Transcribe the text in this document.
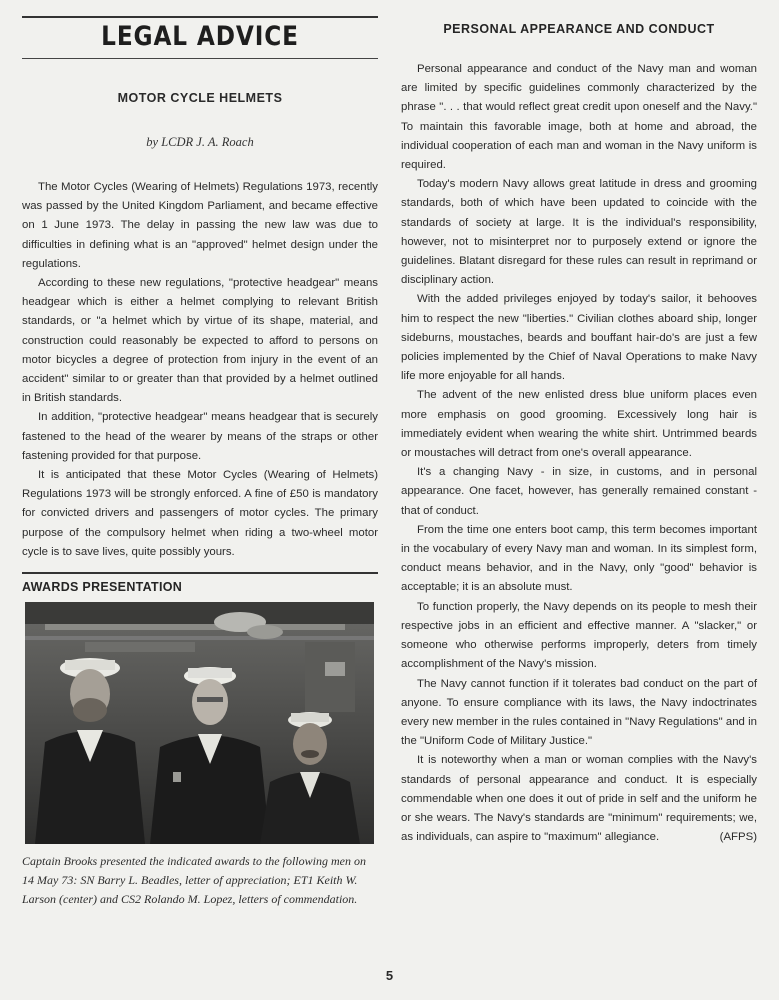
LEGAL ADVICE
MOTOR CYCLE HELMETS
by LCDR J. A. Roach

The Motor Cycles (Wearing of Helmets) Regulations 1973, recently was passed by the United Kingdom Parliament, and became effective on 1 June 1973. The delay in passing the new law was due to difficulties in defining what is an "approved" helmet design under the regulations.

According to these new regulations, "protective headgear" means headgear which is either a helmet complying to relevant British standards, or "a helmet which by virtue of its shape, material, and construction could reasonably be expected to afford to persons on motor bicycles a degree of protection from injury in the event of an accident" similar to or greater than that provided by a helmet outlined in British standards.

In addition, "protective headgear" means headgear that is securely fastened to the head of the wearer by means of the straps or other fastening provided for that purpose.

It is anticipated that these Motor Cycles (Wearing of Helmets) Regulations 1973 will be strongly enforced. A fine of £50 is mandatory for convicted drivers and passengers of motor cycles. The primary purpose of the compulsory helmet when riding a two-wheel motor cycle is to save lives, quite possibly yours.

AWARDS PRESENTATION

Captain Brooks presented the indicated awards to the following men on 14 May 73: SN Barry L. Beadles, letter of appreciation; ET1 Keith W. Larson (center) and CS2 Rolando M. Lopez, letters of commendation.

PERSONAL APPEARANCE AND CONDUCT

Personal appearance and conduct of the Navy man and woman are limited by specific guidelines commonly characterized by the phrase ". . . that would reflect great credit upon oneself and the Navy." To maintain this favorable image, both at home and abroad, the individual cooperation of each man and woman in the Navy uniform is required.

Today's modern Navy allows great latitude in dress and grooming standards, both of which have been updated to coincide with the standards of society at large. It is the individual's responsibility, however, not to misinterpret nor to purposely extend or ignore the guidelines. Blatant disregard for these rules can result in reprimand or disciplinary action.

With the added privileges enjoyed by today's sailor, it behooves him to respect the new "liberties." Civilian clothes aboard ship, longer sideburns, moustaches, beards and bouffant hair-do's are just a few policies implemented by the Chief of Naval Operations to make Navy life more enjoyable for all hands.

The advent of the new enlisted dress blue uniform places even more emphasis on good grooming. Excessively long hair is immediately evident when wearing the white shirt. Untrimmed beards or moustaches will detract from one's overall appearance.

It's a changing Navy - in size, in customs, and in personal appearance. One facet, however, has generally remained constant - that of conduct.

From the time one enters boot camp, this term becomes important in the vocabulary of every Navy man and woman. In its simplest form, conduct means behavior, and in the Navy, only "good" behavior is acceptable; it is an absolute must.

To function properly, the Navy depends on its people to mesh their respective jobs in an efficient and effective manner. A "slacker," or someone who otherwise performs improperly, deters from timely accomplishment of the Navy's mission.

The Navy cannot function if it tolerates bad conduct on the part of anyone. To ensure compliance with its laws, the Navy indoctrinates every new member in the rules contained in "Navy Regulations" and in the "Uniform Code of Military Justice."

It is noteworthy when a man or woman complies with the Navy's standards of personal appearance and conduct. It is especially commendable when one does it out of pride in self and the uniform he or she wears. The Navy's standards are "minimum" requirements; we, as individuals, can aspire to "maximum" allegiance.	(AFPS)

5
